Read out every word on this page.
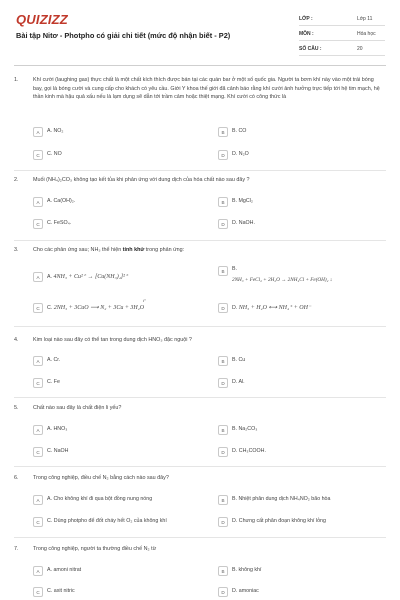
QUIZIZZ
Bài tập Nitơ - Photpho có giải chi tiết (mức độ nhận biết - P2)
LỚP :	Lớp 11
MÔN :	Hóa học
SỐ CÂU :	20
1.	Khí cười (laughing gas) thực chất là một chất kích thích được bán tại các quán bar ở một số quốc gia. Người ta bơm khí này vào một trái bóng bay, gọi là bóng cười và cung cấp cho khách có yêu cầu. Giới Y khoa thế giới đã cảnh báo rằng khí cười ảnh hưởng trực tiếp tới hệ tim mạch, hệ thần kinh mà hậu quả xấu nếu là lạm dụng sẽ dẫn tới trầm cảm hoặc thiệt mạng. Khí cười có công thức là
A	A. NO₂	B	B. CO
C	C. NO	D	D. N₂O
2.	Muối (NH₄)₂CO₃ không tạo kết tủa khi phản ứng với dung dịch của hóa chất nào sau đây ?
A	A. Ca(OH)₂.	B	B. MgCl₂
C	C. FeSO₄.	D	D. NaOH.
3.	Cho các phản ứng sau; NH₃ thể hiện tính khử trong phản ứng:
A	A. 4NH₃ + Cu²⁺ → [Cu(NH₃)₄]²⁺
B	B.
2NH₃ + FeCl₂ + 2H₂O → 2NH₄Cl + Fe(OH)₂ ↓
C	C. 2NH₃ + 3CuO ⟶ N₂ + 3Cu + 3H₂O
t°
D	D. NH₃ + H₂O ⟷ NH₄⁺ + OH⁻
4.	Kim loại nào sau đây có thể tan trong dung dịch HNO₃ đặc nguội ?
A	A. Cr.	B	B. Cu
C	C. Fe	D	D. Al.
5.	Chất nào sau đây là chất điện li yếu?
A	A. HNO₃	B	B. Na₂CO₃
C	C. NaOH	D	D. CH₃COOH.
6.	Trong công nghiệp, điều chế N₂ bằng cách nào sau đây?
A	A. Cho không khí đi qua bột đồng nung nóng	B	B. Nhiệt phân dung dịch NH₄NO₂ bão hòa
C	C. Dùng photpho để đốt cháy hết O₂ của không khí	D	D. Chưng cất phân đoạn không khí lỏng
7.	Trong công nghiệp, người ta thường điều chế N₂ từ
A	A. amoni nitrat	B	B. không khí
C	C. axit nitric	D	D. amoniac
